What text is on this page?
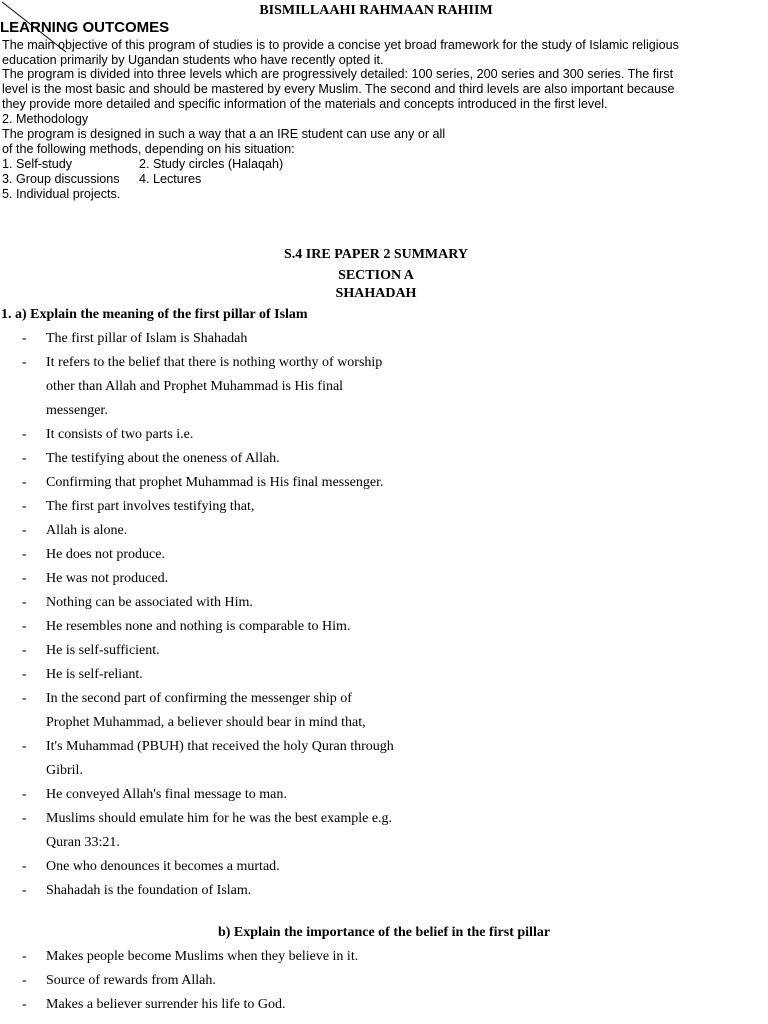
BISMILLAAHI RAHMAAN RAHIIM
LEARNING OUTCOMES
The main objective of this program of studies is to provide a concise yet broad framework for the study of Islamic religious
education primarily by Ugandan students who have recently opted it.
The program is divided into three levels which are progressively detailed: 100 series, 200 series and 300 series. The first
level is the most basic and should be mastered by every Muslim. The second and third levels are also important because
they provide more detailed and specific information of the materials and concepts introduced in the first level.
2. Methodology
The program is designed in such a way that a an IRE student can use any or all
of the following methods, depending on his situation:
1. Self-study	2. Study circles (Halaqah)
3. Group discussions 4. Lectures
5. Individual projects.
S.4 IRE PAPER 2 SUMMARY
SECTION A
SHAHADAH
1. a) Explain the meaning of the first pillar of Islam
- The first pillar of Islam is Shahadah
- It refers to the belief that there is nothing worthy of worship
other than Allah and Prophet Muhammad is His final
messenger.
- It consists of two parts i.e.
- The testifying about the oneness of Allah.
- Confirming that prophet Muhammad is His final messenger.
- The first part involves testifying that,
- Allah is alone.
- He does not produce.
- He was not produced.
- Nothing can be associated with Him.
- He resembles none and nothing is comparable to Him.
- He is self-sufficient.
- He is self-reliant.
- In the second part of confirming the messenger ship of
Prophet Muhammad, a believer should bear in mind that,
- It's Muhammad (PBUH) that received the holy Quran through
Gibril.
- He conveyed Allah's final message to man.
- Muslims should emulate him for he was the best example e.g.
Quran 33:21.
- One who denounces it becomes a murtad.
- Shahadah is the foundation of Islam.
b) Explain the importance of the belief in the first pillar
- Makes people become Muslims when they believe in it.
- Source of rewards from Allah.
- Makes a believer surrender his life to God.
